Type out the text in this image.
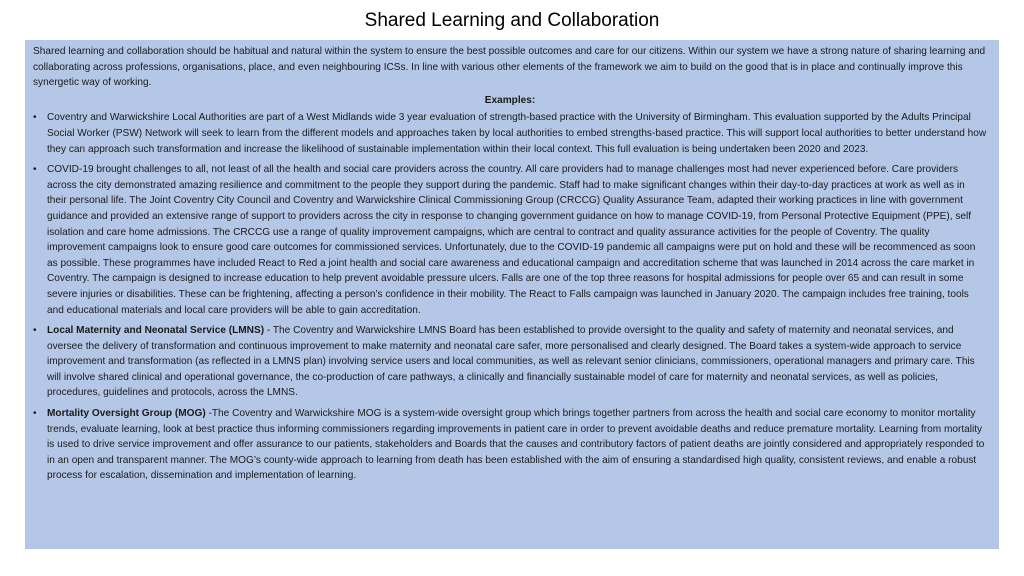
Shared Learning and Collaboration

Shared learning and collaboration should be habitual and natural within the system to ensure the best possible outcomes and care for our citizens. Within our system we have a strong nature of sharing learning and collaborating across professions, organisations, place, and even neighbouring ICSs. In line with various other elements of the framework we aim to build on the good that is in place and continually improve this synergetic way of working.

Examples:
• Coventry and Warwickshire Local Authorities are part of a West Midlands wide 3 year evaluation of strength-based practice with the University of Birmingham. This evaluation supported by the Adults Principal Social Worker (PSW) Network will seek to learn from the different models and approaches taken by local authorities to embed strengths-based practice. This will support local authorities to better understand how they can approach such transformation and increase the likelihood of sustainable implementation within their local context. This full evaluation is being undertaken been 2020 and 2023.
• COVID-19 brought challenges to all, not least of all the health and social care providers across the country. All care providers had to manage challenges most had never experienced before. Care providers across the city demonstrated amazing resilience and commitment to the people they support during the pandemic. Staff had to make significant changes within their day-to-day practices at work as well as in their personal life. The Joint Coventry City Council and Coventry and Warwickshire Clinical Commissioning Group (CRCCG) Quality Assurance Team, adapted their working practices in line with government guidance and provided an extensive range of support to providers across the city in response to changing government guidance on how to manage COVID-19, from Personal Protective Equipment (PPE), self isolation and care home admissions. The CRCCG use a range of quality improvement campaigns, which are central to contract and quality assurance activities for the people of Coventry. The quality improvement campaigns look to ensure good care outcomes for commissioned services. Unfortunately, due to the COVID-19 pandemic all campaigns were put on hold and these will be recommenced as soon as possible. These programmes have included React to Red a joint health and social care awareness and educational campaign and accreditation scheme that was launched in 2014 across the care market in Coventry. The campaign is designed to increase education to help prevent avoidable pressure ulcers. Falls are one of the top three reasons for hospital admissions for people over 65 and can result in some severe injuries or disabilities. These can be frightening, affecting a person’s confidence in their mobility. The React to Falls campaign was launched in January 2020. The campaign includes free training, tools and educational materials and local care providers will be able to gain accreditation.
• Local Maternity and Neonatal Service (LMNS) - The Coventry and Warwickshire LMNS Board has been established to provide oversight to the quality and safety of maternity and neonatal services, and oversee the delivery of transformation and continuous improvement to make maternity and neonatal care safer, more personalised and clearly designed. The Board takes a system-wide approach to service improvement and transformation (as reflected in a LMNS plan) involving service users and local communities, as well as relevant senior clinicians, commissioners, operational managers and primary care. This will involve shared clinical and operational governance, the co-production of care pathways, a clinically and financially sustainable model of care for maternity and neonatal services, as well as policies, procedures, guidelines and protocols, across the LMNS.
• Mortality Oversight Group (MOG) -The Coventry and Warwickshire MOG is a system-wide oversight group which brings together partners from across the health and social care economy to monitor mortality trends, evaluate learning, look at best practice thus informing commissioners regarding improvements in patient care in order to prevent avoidable deaths and reduce premature mortality. Learning from mortality is used to drive service improvement and offer assurance to our patients, stakeholders and Boards that the causes and contributory factors of patient deaths are jointly considered and appropriately responded to in an open and transparent manner. The MOG’s county-wide approach to learning from death has been established with the aim of ensuring a standardised high quality, consistent reviews, and enable a robust process for escalation, dissemination and implementation of learning.
